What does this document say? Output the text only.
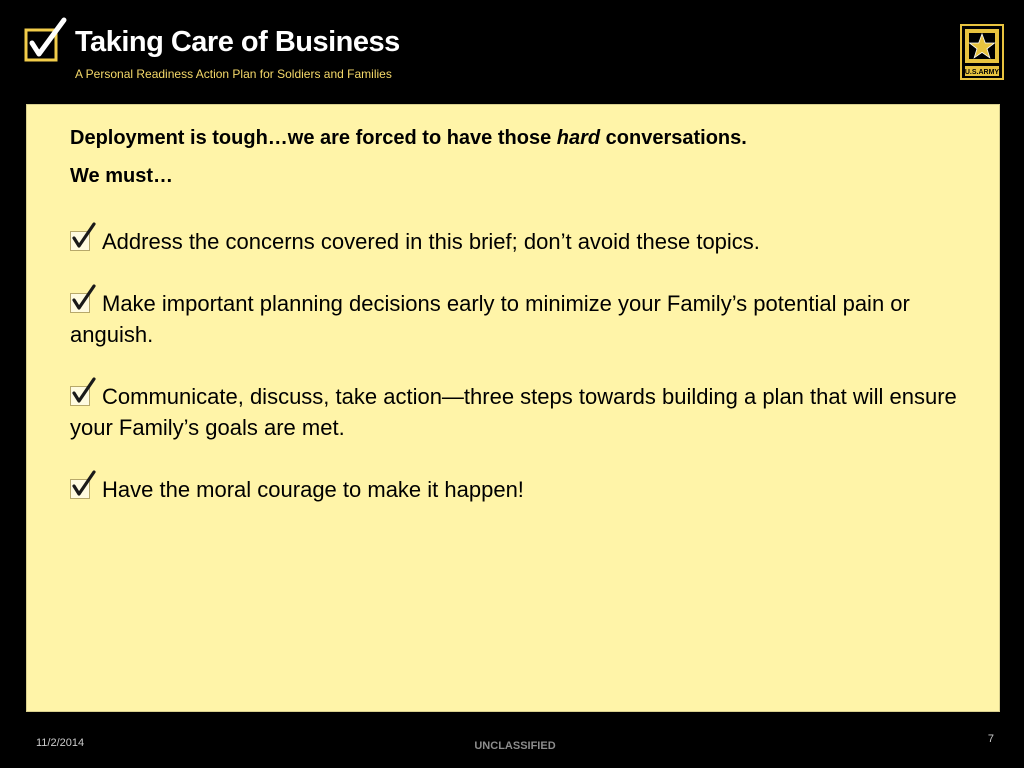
Taking Care of Business
A Personal Readiness Action Plan for Soldiers and Families	U.S.ARMY

Deployment is tough…we are forced to have those hard conversations.
We must…

Address the concerns covered in this brief; don’t avoid these topics.
Make important planning decisions early to minimize your Family’s potential pain or anguish.
Communicate, discuss, take action—three steps towards building a plan that will ensure your Family’s goals are met.
Have the moral courage to make it happen!
11/2/2014	UNCLASSIFIED
7
